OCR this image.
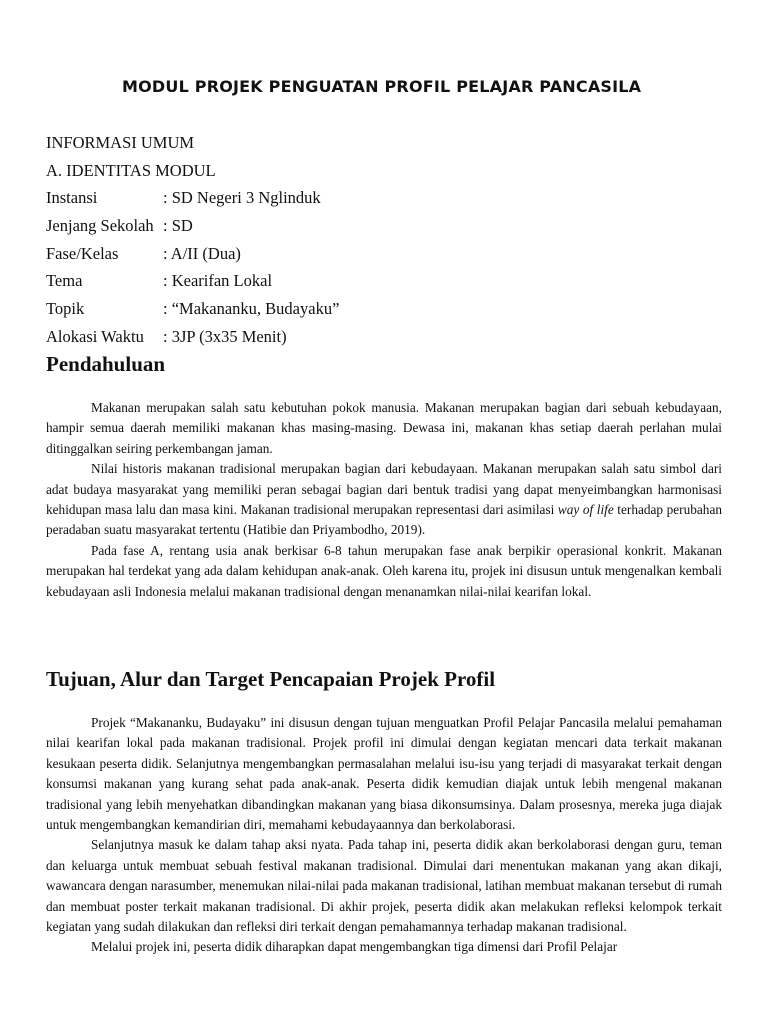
MODUL PROJEK PENGUATAN PROFIL PELAJAR PANCASILA
INFORMASI UMUM
A. IDENTITAS MODUL
Instansi	: SD Negeri 3 Nglinduk
Jenjang Sekolah : SD
Fase/Kelas	: A/II (Dua)
Tema	: Kearifan Lokal
Topik	: “Makananku, Budayaku”
Alokasi Waktu : 3JP (3x35 Menit)
Pendahuluan

Makanan merupakan salah satu kebutuhan pokok manusia. Makanan merupakan bagian dari sebuah kebudayaan, hampir semua daerah memiliki makanan khas masing-masing. Dewasa ini, makanan khas setiap daerah perlahan mulai ditinggalkan seiring perkembangan jaman.

Nilai historis makanan tradisional merupakan bagian dari kebudayaan. Makanan merupakan salah satu simbol dari adat budaya masyarakat yang memiliki peran sebagai bagian dari bentuk tradisi yang dapat menyeimbangkan harmonisasi kehidupan masa lalu dan masa kini. Makanan tradisional merupakan representasi dari asimilasi way of life terhadap perubahan peradaban suatu masyarakat tertentu (Hatibie dan Priyambodho, 2019).

Pada fase A, rentang usia anak berkisar 6-8 tahun merupakan fase anak berpikir operasional konkrit. Makanan merupakan hal terdekat yang ada dalam kehidupan anak-anak. Oleh karena itu, projek ini disusun untuk mengenalkan kembali kebudayaan asli Indonesia melalui makanan tradisional dengan menanamkan nilai-nilai kearifan lokal.

Tujuan, Alur dan Target Pencapaian Projek Profil

Projek “Makananku, Budayaku” ini disusun dengan tujuan menguatkan Profil Pelajar Pancasila melalui pemahaman nilai kearifan lokal pada makanan tradisional. Projek profil ini dimulai dengan kegiatan mencari data terkait makanan kesukaan peserta didik. Selanjutnya mengembangkan permasalahan melalui isu-isu yang terjadi di masyarakat terkait dengan konsumsi makanan yang kurang sehat pada anak-anak. Peserta didik kemudian diajak untuk lebih mengenal makanan tradisional yang lebih menyehatkan dibandingkan makanan yang biasa dikonsumsinya. Dalam prosesnya, mereka juga diajak untuk mengembangkan kemandirian diri, memahami kebudayaannya dan berkolaborasi.

Selanjutnya masuk ke dalam tahap aksi nyata. Pada tahap ini, peserta didik akan berkolaborasi dengan guru, teman dan keluarga untuk membuat sebuah festival makanan tradisional. Dimulai dari menentukan makanan yang akan dikaji, wawancara dengan narasumber, menemukan nilai-nilai pada makanan tradisional, latihan membuat makanan tersebut di rumah dan membuat poster terkait makanan tradisional. Di akhir projek, peserta didik akan melakukan refleksi kelompok terkait kegiatan yang sudah dilakukan dan refleksi diri terkait dengan pemahamannya terhadap makanan tradisional.

Melalui projek ini, peserta didik diharapkan dapat mengembangkan tiga dimensi dari Profil Pelajar
